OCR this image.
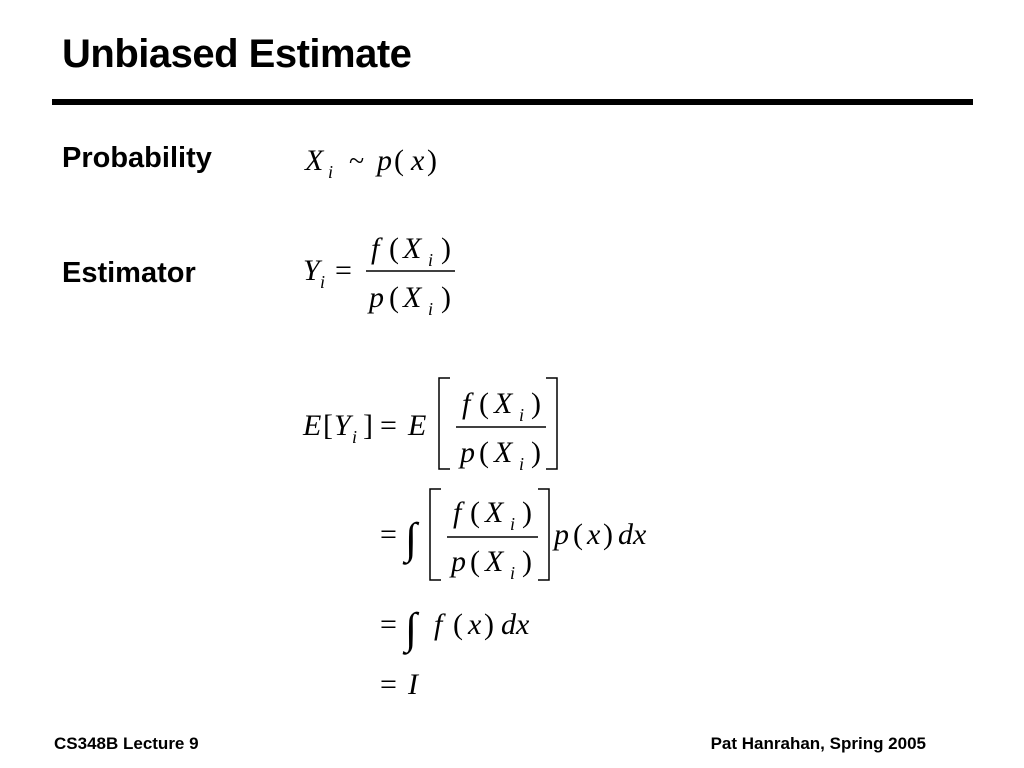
Unbiased Estimate
Probability
Estimator
X i ~ p ( x )
Y i =
f ( X i )
p ( X i )
E [ Y i ] = E
f ( X i )
p ( X i )
= ∫
f ( X i )
p ( X i )
p ( x ) dx
= ∫ f ( x ) dx
= I
CS348B Lecture 9	Pat Hanrahan, Spring 2005
